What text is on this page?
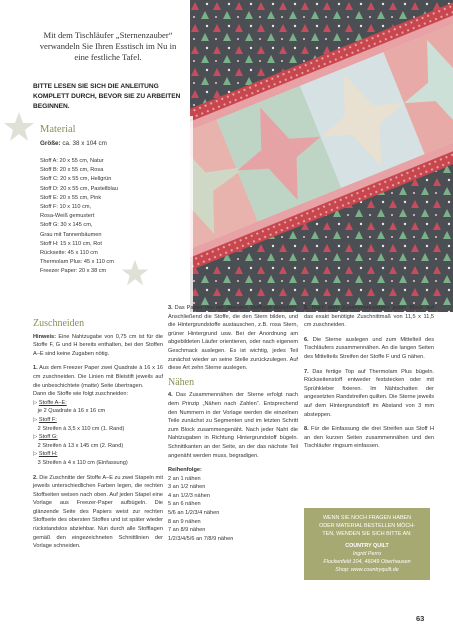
Mit dem Tischläufer „Sternenzauber“ verwandeln Sie Ihren Esstisch im Nu in eine festliche Tafel.
BITTE LESEN SIE SICH DIE ANLEITUNG KOMPLETT DURCH, BEVOR SIE ZU ARBEITEN BEGINNEN.
Material
Größe: ca. 38 x 104 cm
Stoff A: 20 x 55 cm, Natur
Stoff B: 20 x 55 cm, Rosa
Stoff C: 20 x 55 cm, Hellgrün
Stoff D: 20 x 55 cm, Pastellblau
Stoff E: 20 x 55 cm, Pink
Stoff F: 10 x 110 cm,
Rosa-Weiß gemustert
Stoff G: 30 x 145 cm,
Grau mit Tannenbäumen
Stoff H: 15 x 110 cm, Rot
Rückseite: 45 x 110 cm
Thermolam Plus: 45 x 110 cm
Freezer Paper: 20 x 38 cm
Zuschneiden

Hinweis: Eine Nahtzugabe von 0,75 cm ist für die Stoffe F, G und H bereits enthalten, bei den Stoffen A–E sind keine Zugaben nötig.

1. Aus dem Freezer Paper zwei Quadrate à 16 x 16 cm zuschneiden. Die Linien mit Bleistift jeweils auf die unbeschichtete (matte) Seite übertragen.

Dann die Stoffe wie folgt zuschneiden:
▷ Stoffe A–E:
je 2 Quadrate à 16 x 16 cm
▷ Stoff F:
2 Streifen à 3,5 x 110 cm (1. Rand)
▷ Stoff G:
2 Streifen à 13 x 145 cm (2. Rand)
▷ Stoff H:
3 Streifen à 4 x 110 cm (Einfassung)

2. Die Zuschnitte der Stoffe A–E zu zwei Stapeln mit jeweils unterschiedlichen Farben legen, die rechten Stoffseiten weisen nach oben. Auf jeden Stapel eine Vorlage aus Freezer-Paper aufbügeln. Die glänzende Seite des Papiers weist zur rechten Stoffseite des obersten Stoffes und ist später wieder rückstandslos abziehbar. Nun durch alle Stofflagen gemäß den eingezeichneten Schnittlinien der Vorlage schneiden.

3. Das Papier von der obersten Stofflage abziehen. Anschließend die Stoffe, die den Stern bilden, und die Hintergrundstoffe austauschen, z.B. rosa Stern, grüner Hintergrund usw. Bei der Anordnung am abgebildeten Läufer orientieren, oder nach eigenem Geschmack auslegen. Es ist wichtig, jedes Teil zunächst wieder an seine Stelle zurückzulegen. Auf diese Art zehn Sterne auslegen.

Nähen

4. Das Zusammennähen der Sterne erfolgt nach dem Prinzip „Nähen nach Zahlen“. Entsprechend den Nummern in der Vorlage werden die einzelnen Teile zunächst zu Segmenten und im letzten Schritt zum Block zusammengenäht. Nach jeder Naht die Nahtzugaben in Richtung Hintergrundstoff bügeln. Schnittkanten an der Seite, an der das nächste Teil angenäht werden muss, begradigen.

Reihenfolge:
2 an 1 nähen
3 an 1/2 nähen
4 an 1/2/3 nähen
5 an 6 nähen
5/6 an 1/2/3/4 nähen
8 an 9 nähen
7 an 8/9 nähen
1/2/3/4/5/6 an 7/8/9 nähen

5. Nach dem Zusammennsetzen jeden Block auf das exakt benötigte Zuschnittmaß von 11,5 x 11,5 cm zuschneiden.

6. Die Sterne auslegen und zum Mittelteil des Tischläufers zusammennähen. An die langen Seiten des Mittelteils Streifen der Stoffe F und G nähen.

7. Das fertige Top auf Thermolam Plus bügeln. Rückseitenstoff entweder feststecken oder mit Sprühkleber fixieren. Im Nähtschatten der angesetzten Randstreifen quilten. Die Sterne jeweils auf dem Hintergrundstoff im Abstand von 3 mm absteppen.

8. Für die Einfassung die drei Streifen aus Stoff H an den kurzen Seiten zusammennähen und den Tischläufer ringsum einfassen.

WENN SIE NOCH FRAGEN HABEN
ODER MATERIAL BESTELLEN MÖCH-
TEN, WENDEN SIE SICH BITTE AN:
COUNTRY QUILT
Ingrid Perro
Flockenfeld 104, 46049 Oberhausen
Shop: www.countryquilt.de
63
